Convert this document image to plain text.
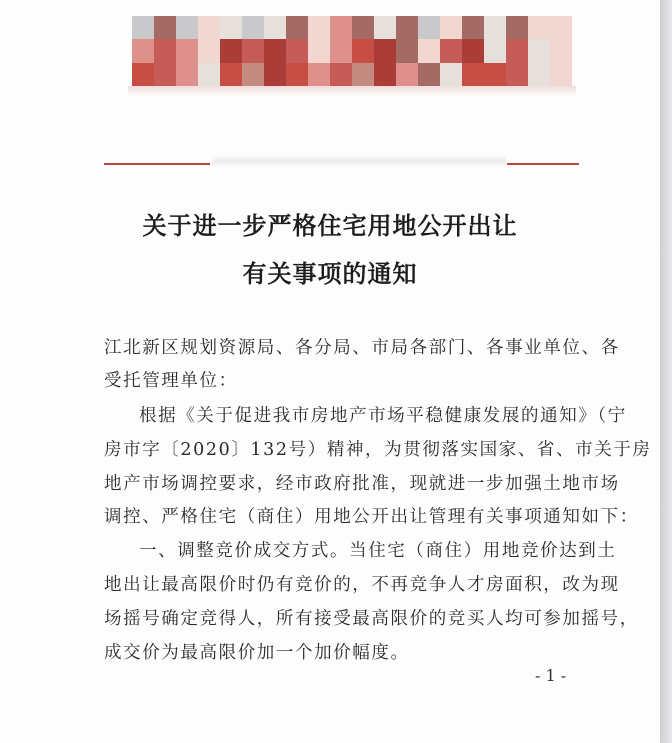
关于进一步严格住宅用地公开出让
有关事项的通知
江北新区规划资源局、各分局、市局各部门、各事业单位、各
受托管理单位：
根据《关于促进我市房地产市场平稳健康发展的通知》（宁
房市字〔2020〕132号）精神，为贯彻落实国家、省、市关于房
地产市场调控要求，经市政府批准，现就进一步加强土地市场
调控、严格住宅（商住）用地公开出让管理有关事项通知如下：
一、调整竞价成交方式。当住宅（商住）用地竞价达到土
地出让最高限价时仍有竞价的，不再竞争人才房面积，改为现
场摇号确定竞得人，所有接受最高限价的竞买人均可参加摇号，
成交价为最高限价加一个加价幅度。
- 1 -
